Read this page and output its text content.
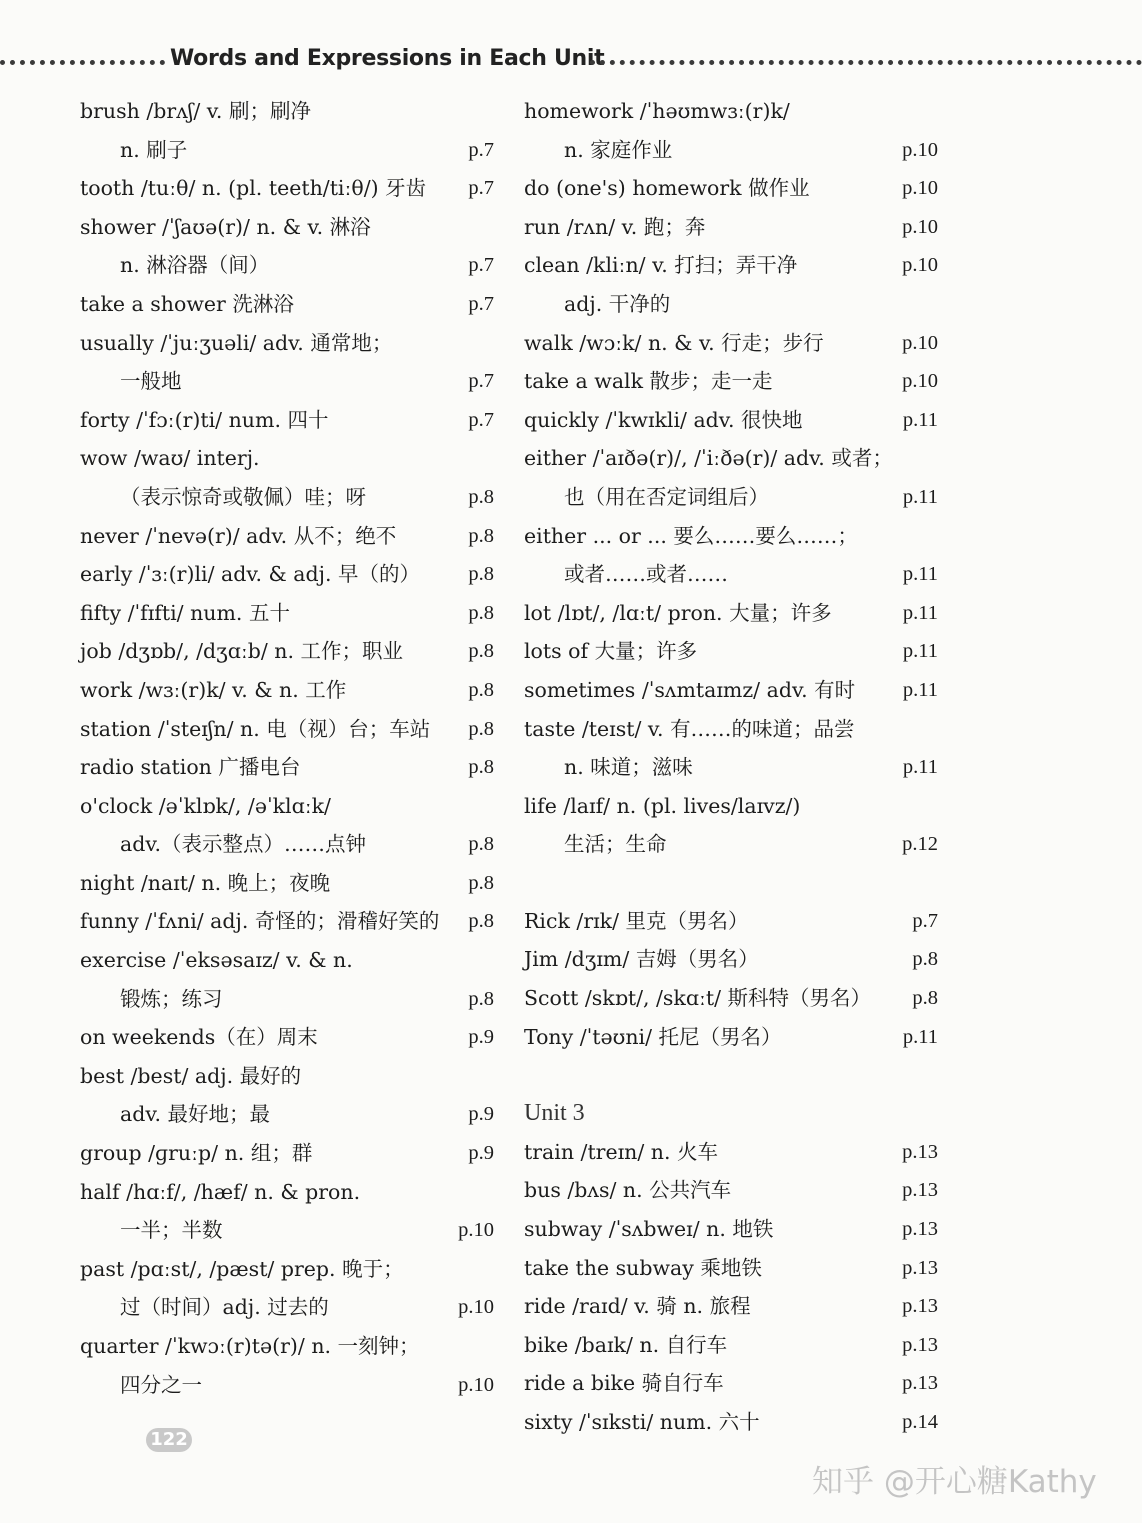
Words and Expressions in Each Unit
brush /brʌʃ/ v. 刷；刷净
n. 刷子	p.7
tooth /tuːθ/ n. (pl. teeth/tiːθ/) 牙齿 p.7
shower /ˈʃaʊə(r)/ n. & v. 淋浴
n. 淋浴器（间）	p.7
take a shower 洗淋浴	p.7
usually /ˈjuːʒuəli/ adv. 通常地；
一般地	p.7
forty /ˈfɔː(r)ti/ num. 四十	p.7
wow /waʊ/ interj.
（表示惊奇或敬佩）哇；呀	p.8
never /ˈnevə(r)/ adv. 从不；绝不	p.8
early /ˈɜː(r)li/ adv. & adj. 早（的） p.8
fifty /ˈfɪfti/ num. 五十	p.8
job /dʒɒb/, /dʒɑːb/ n. 工作；职业	p.8
work /wɜː(r)k/ v. & n. 工作	p.8
station /ˈsteɪʃn/ n. 电（视）台；车站 p.8
radio station 广播电台	p.8
o'clock /əˈklɒk/, /əˈklɑːk/
adv.（表示整点）……点钟	p.8
night /naɪt/ n. 晚上；夜晚	p.8
funny /ˈfʌni/ adj. 奇怪的；滑稽好笑的 p.8
exercise /ˈeksəsaɪz/ v. & n.
锻炼；练习	p.8
on weekends（在）周末	p.9
best /best/ adj. 最好的
adv. 最好地；最	p.9
group /ɡruːp/ n. 组；群	p.9
half /hɑːf/, /hæf/ n. & pron.
一半；半数	p.10
past /pɑːst/, /pæst/ prep. 晚于；
过（时间）adj. 过去的	p.10
quarter /ˈkwɔː(r)tə(r)/ n. 一刻钟；
四分之一	p.10
homework /ˈhəʊmwɜː(r)k/
n. 家庭作业	p.10
do (one's) homework 做作业	p.10
run /rʌn/ v. 跑；奔	p.10
clean /kliːn/ v. 打扫；弄干净	p.10
adj. 干净的
walk /wɔːk/ n. & v. 行走；步行	p.10
take a walk 散步；走一走	p.10
quickly /ˈkwɪkli/ adv. 很快地	p.11
either /ˈaɪðə(r)/, /ˈiːðə(r)/ adv. 或者；
也（用在否定词组后）	p.11
either ... or ... 要么……要么……；
或者……或者……	p.11
lot /lɒt/, /lɑːt/ pron. 大量；许多	p.11
lots of 大量；许多	p.11
sometimes /ˈsʌmtaɪmz/ adv. 有时 p.11
taste /teɪst/ v. 有……的味道；品尝
n. 味道；滋味	p.11
life /laɪf/ n. (pl. lives/laɪvz/)
生活；生命	p.12
Rick /rɪk/ 里克（男名）	p.7
Jim /dʒɪm/ 吉姆（男名）	p.8
Scott /skɒt/, /skɑːt/ 斯科特（男名） p.8
Tony /ˈtəʊni/ 托尼（男名）	p.11
Unit 3
train /treɪn/ n. 火车	p.13
bus /bʌs/ n. 公共汽车	p.13
subway /ˈsʌbweɪ/ n. 地铁	p.13
take the subway 乘地铁	p.13
ride /raɪd/ v. 骑 n. 旅程	p.13
bike /baɪk/ n. 自行车	p.13
ride a bike 骑自行车	p.13
sixty /ˈsɪksti/ num. 六十	p.14
122
知乎 @开心糖Kathy
